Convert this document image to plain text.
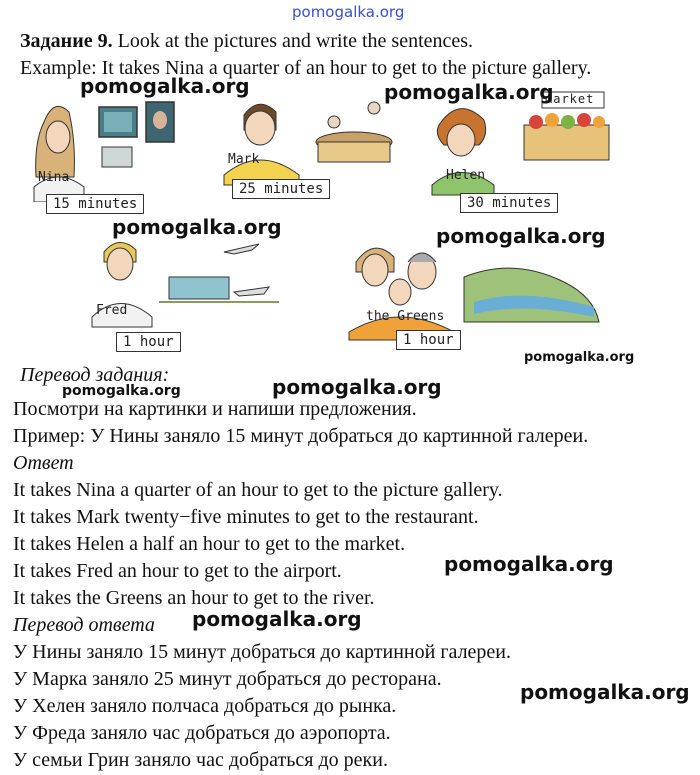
pomogalka.org
Задание 9. Look at the pictures and write the sentences.
Example: It takes Nina a quarter of an hour to get to the picture gallery.
Nina
15 minutes
Mark
25 minutes
market
Helen
30 minutes
Fred
1 hour
the Greens
1 hour
pomogalka.org	pomogalka.org
pomogalka.org	pomogalka.org
pomogalka.org
Перевод задания:	pomogalka.org
pomogalka.org
Посмотри на картинки и напиши предложения.
Пример: У Нины заняло 15 минут добраться до картинной галереи.
Ответ
It takes Nina a quarter of an hour to get to the picture gallery.
It takes Mark twenty−five minutes to get to the restaurant.
It takes Helen a half an hour to get to the market.
It takes Fred an hour to get to the airport.	pomogalka.org
It takes the Greens an hour to get to the river.
Перевод ответа pomogalka.org
У Нины заняло 15 минут добраться до картинной галереи.
У Марка заняло 25 минут добраться до ресторана.
pomogalka.org
У Хелен заняло полчаса добраться до рынка.
У Фреда заняло час добраться до аэропорта.
У семьи Грин заняло час добраться до реки.
